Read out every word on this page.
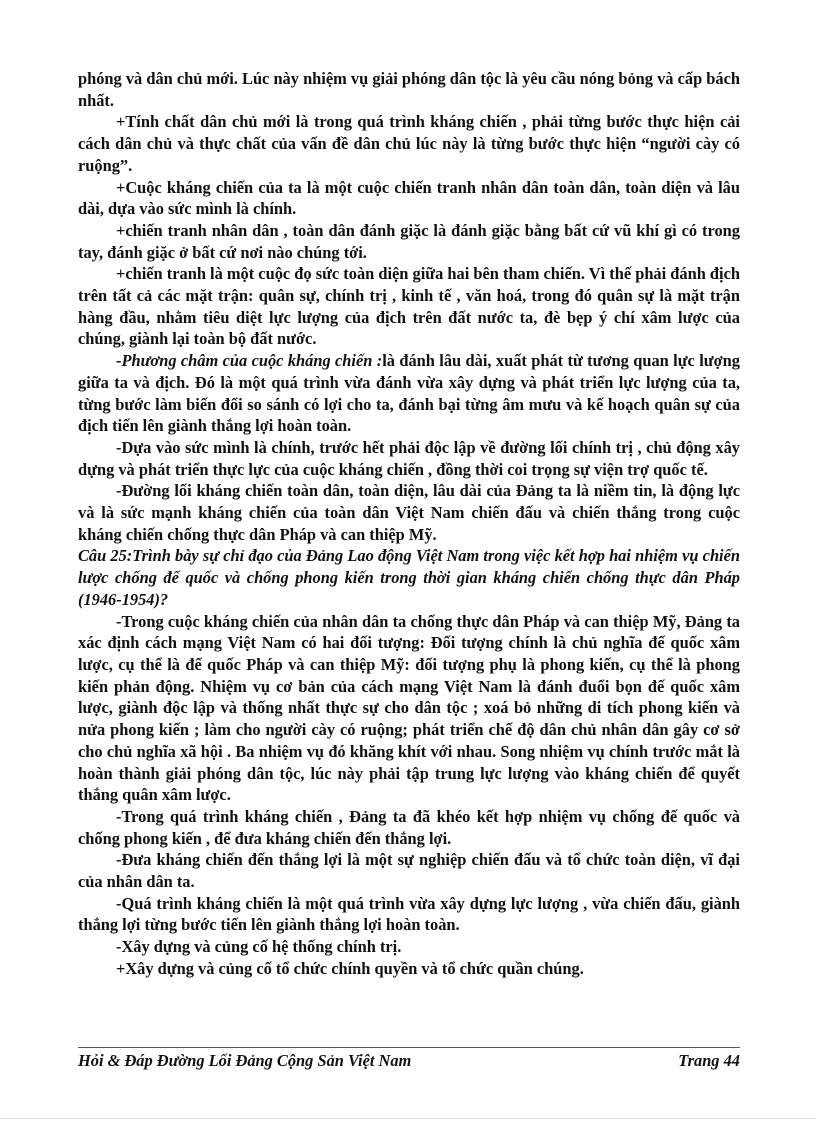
phóng và dân chủ mới. Lúc này nhiệm vụ giải phóng dân tộc là yêu cầu nóng bỏng và cấp bách nhất.

+Tính chất dân chủ mới là trong quá trình kháng chiến , phải từng bước thực hiện cải cách dân chủ và thực chất của vấn đề dân chủ lúc này là từng bước thực hiện “người cày có ruộng”.

+Cuộc kháng chiến của ta là một cuộc chiến tranh nhân dân toàn dân, toàn diện và lâu dài, dựa vào sức mình là chính.

+chiến tranh nhân dân , toàn dân đánh giặc là đánh giặc bằng bất cứ vũ khí gì có trong tay, đánh giặc ở bất cứ nơi nào chúng tới.

+chiến tranh là một cuộc đọ sức toàn diện giữa hai bên tham chiến. Vì thế phải đánh địch trên tất cả các mặt trận: quân sự, chính trị , kinh tế , văn hoá, trong đó quân sự là mặt trận hàng đầu, nhằm tiêu diệt lực lượng của địch trên đất nước ta, đè bẹp ý chí xâm lược của chúng, giành lại toàn bộ đất nước.

-Phương châm của cuộc kháng chiến :là đánh lâu dài, xuất phát từ tương quan lực lượng giữa ta và địch. Đó là một quá trình vừa đánh vừa xây dựng và phát triển lực lượng của ta, từng bước làm biến đổi so sánh có lợi cho ta, đánh bại từng âm mưu và kế hoạch quân sự của địch tiến lên giành thắng lợi hoàn toàn.

-Dựa vào sức mình là chính, trước hết phải độc lập về đường lối chính trị , chủ động xây dựng và phát triển thực lực của cuộc kháng chiến , đồng thời coi trọng sự viện trợ quốc tế.

-Đường lối kháng chiến toàn dân, toàn diện, lâu dài của Đảng ta là niềm tin, là động lực và là sức mạnh kháng chiến của toàn dân Việt Nam chiến đấu và chiến thắng trong cuộc kháng chiến chống thực dân Pháp và can thiệp Mỹ.

Câu 25:Trình bày sự chỉ đạo của Đảng Lao động Việt Nam trong việc kết hợp hai nhiệm vụ chiến lược chống đế quốc và chống phong kiến trong thời gian kháng chiến chống thực dân Pháp (1946-1954)?

-Trong cuộc kháng chiến của nhân dân ta chống thực dân Pháp và can thiệp Mỹ, Đảng ta xác định cách mạng Việt Nam có hai đối tượng: Đối tượng chính là chủ nghĩa đế quốc xâm lược, cụ thể là đế quốc Pháp và can thiệp Mỹ: đối tượng phụ là phong kiến, cụ thể là phong kiến phản động. Nhiệm vụ cơ bản của cách mạng Việt Nam là đánh đuổi bọn đế quốc xâm lược, giành độc lập và thống nhất thực sự cho dân tộc ; xoá bỏ những di tích phong kiến và nửa phong kiến ; làm cho người cày có ruộng; phát triển chế độ dân chủ nhân dân gây cơ sở cho chủ nghĩa xã hội . Ba nhiệm vụ đó khăng khít với nhau. Song nhiệm vụ chính trước mắt là hoàn thành giải phóng dân tộc, lúc này phải tập trung lực lượng vào kháng chiến để quyết thắng quân xâm lược.

-Trong quá trình kháng chiến , Đảng ta đã khéo kết hợp nhiệm vụ chống đế quốc và chống phong kiến , để đưa kháng chiến đến thắng lợi.

-Đưa kháng chiến đến thắng lợi là một sự nghiệp chiến đấu và tổ chức toàn diện, vĩ đại của nhân dân ta.

-Quá trình kháng chiến là một quá trình vừa xây dựng lực lượng , vừa chiến đấu, giành thắng lợi từng bước tiến lên giành thắng lợi hoàn toàn.

-Xây dựng và củng cố hệ thống chính trị.

+Xây dựng và củng cố tổ chức chính quyền và tổ chức quần chúng.

Hỏi & Đáp Đường Lối Đảng Cộng Sản Việt Nam	Trang 44
